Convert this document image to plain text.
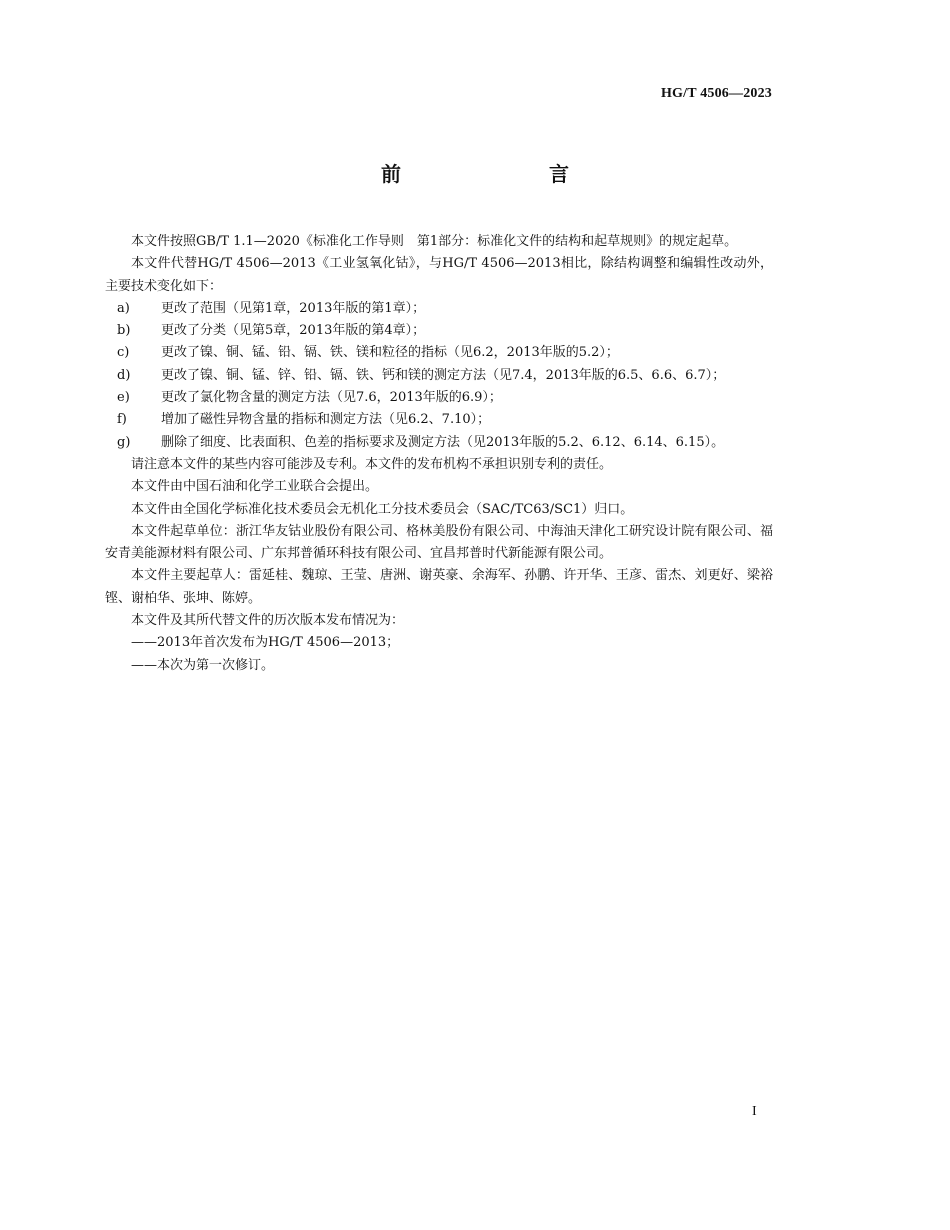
HG/T 4506—2023
前　　言

本文件按照GB/T 1.1—2020《标准化工作导则　第1部分：标准化文件的结构和起草规则》的规定起草。

本文件代替HG/T 4506—2013《工业氢氧化钴》，与HG/T 4506—2013相比，除结构调整和编辑性改动外，主要技术变化如下：

a)	更改了范围（见第1章，2013年版的第1章）；
b)	更改了分类（见第5章，2013年版的第4章）；
c)	更改了镍、铜、锰、铅、镉、铁、镁和粒径的指标（见6.2，2013年版的5.2）；
d)	更改了镍、铜、锰、锌、铅、镉、铁、钙和镁的测定方法（见7.4，2013年版的6.5、6.6、6.7）；
e)	更改了氯化物含量的测定方法（见7.6，2013年版的6.9）；
f)	增加了磁性异物含量的指标和测定方法（见6.2、7.10）；
g)	删除了细度、比表面积、色差的指标要求及测定方法（见2013年版的5.2、6.12、6.14、6.15）。

请注意本文件的某些内容可能涉及专利。本文件的发布机构不承担识别专利的责任。

本文件由中国石油和化学工业联合会提出。

本文件由全国化学标准化技术委员会无机化工分技术委员会（SAC/TC63/SC1）归口。

本文件起草单位：浙江华友钴业股份有限公司、格林美股份有限公司、中海油天津化工研究设计院有限公司、福安青美能源材料有限公司、广东邦普循环科技有限公司、宜昌邦普时代新能源有限公司。

本文件主要起草人：雷延桂、魏琼、王莹、唐洲、谢英豪、余海军、孙鹏、许开华、王彦、雷杰、刘更好、梁裕铿、谢柏华、张坤、陈婷。

本文件及其所代替文件的历次版本发布情况为：

——2013年首次发布为HG/T 4506—2013；

——本次为第一次修订。

I
